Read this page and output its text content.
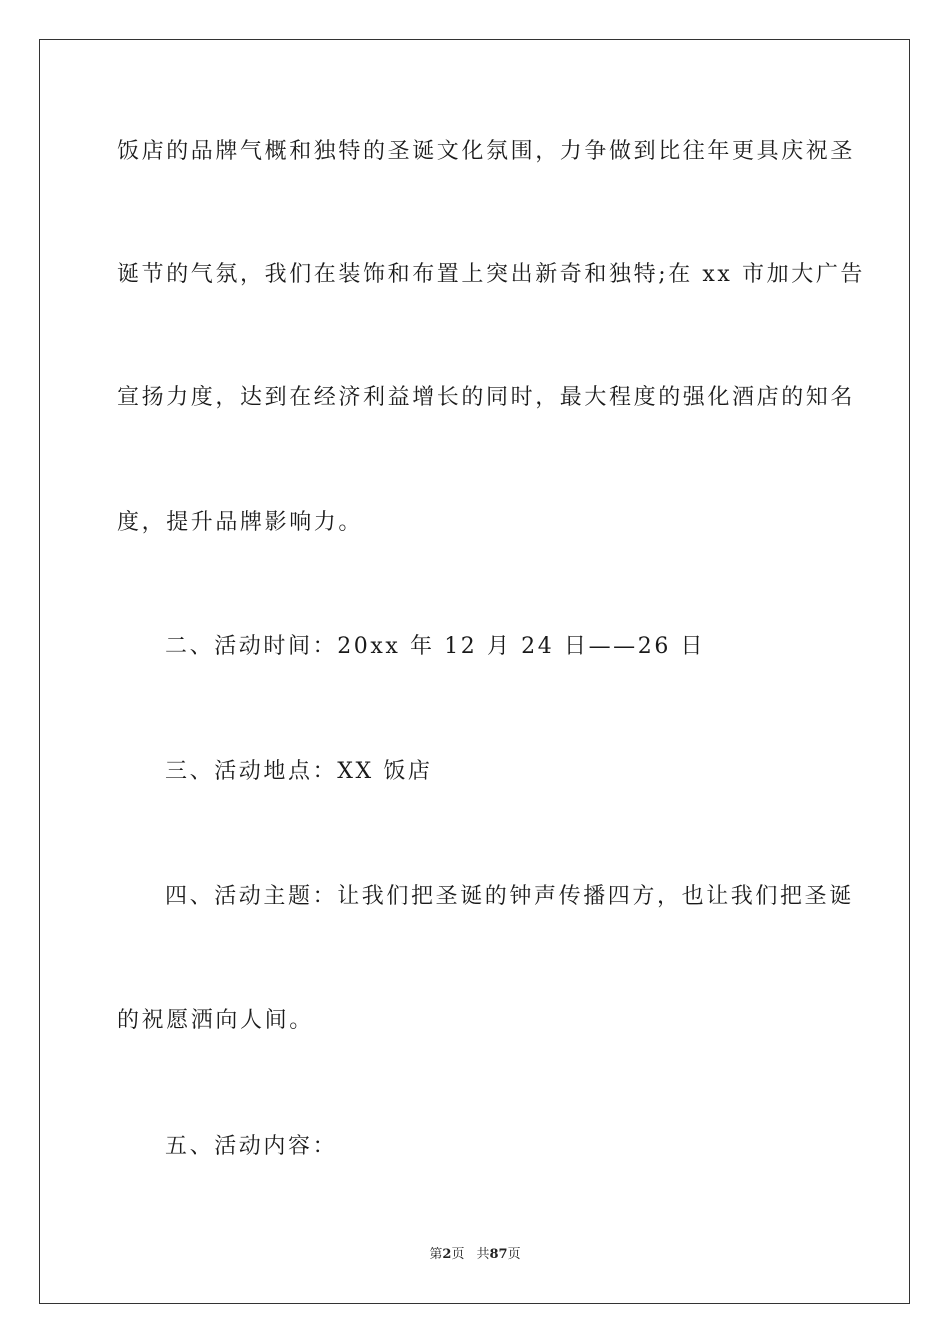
饭店的品牌气概和独特的圣诞文化氛围，力争做到比往年更具庆祝圣
诞节的气氛，我们在装饰和布置上突出新奇和独特;在 xx 市加大广告
宣扬力度，达到在经济利益增长的同时，最大程度的强化酒店的知名
度，提升品牌影响力。
二、活动时间：20xx 年 12 月 24 日——26 日
三、活动地点：XX 饭店
四、活动主题：让我们把圣诞的钟声传播四方，也让我们把圣诞
的祝愿洒向人间。
五、活动内容：
第2页 共87页
